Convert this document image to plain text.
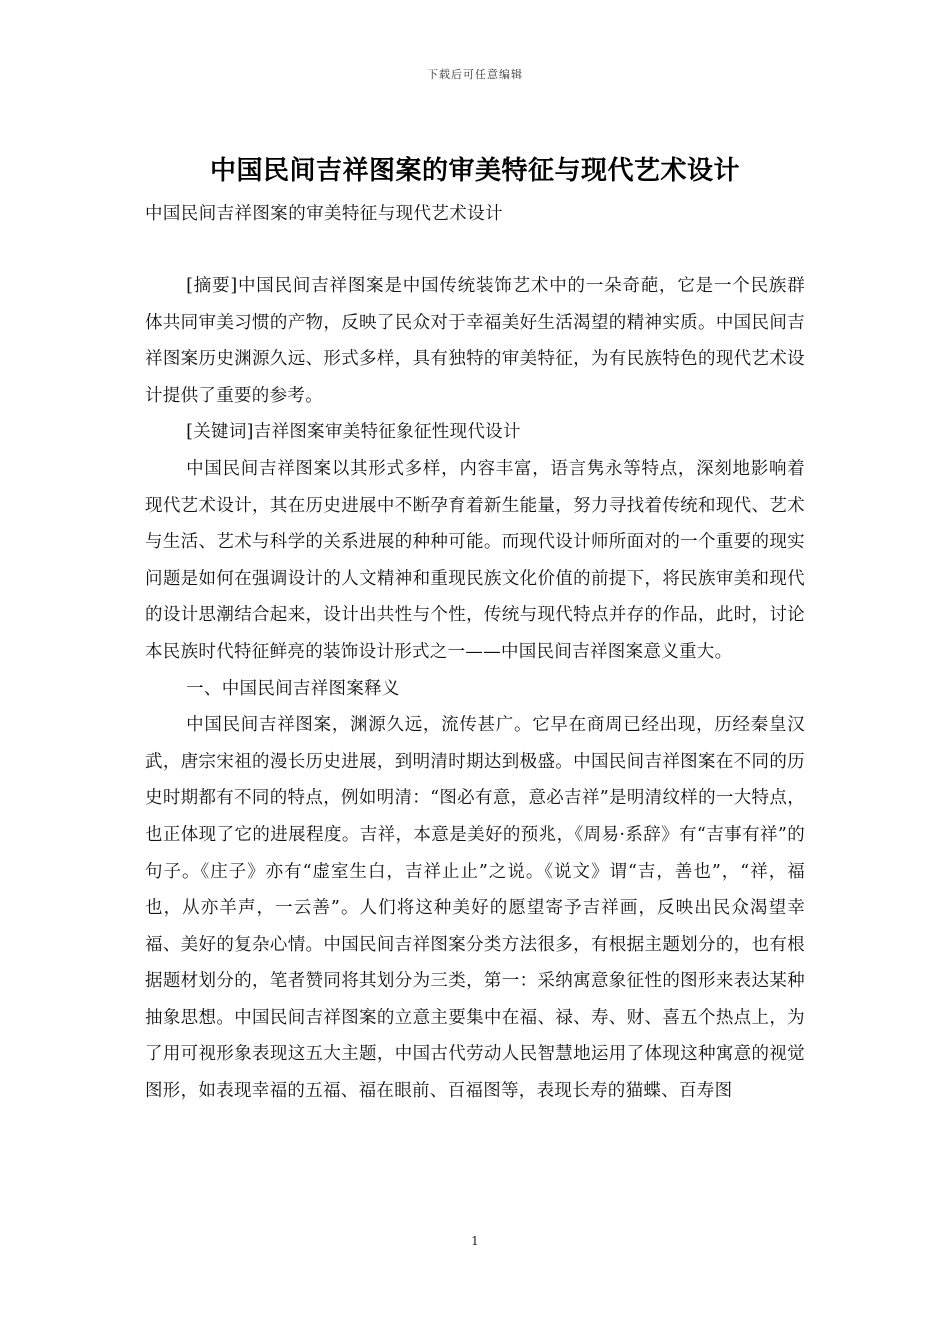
下载后可任意编辑
中国民间吉祥图案的审美特征与现代艺术设计
中国民间吉祥图案的审美特征与现代艺术设计

[摘要]中国民间吉祥图案是中国传统装饰艺术中的一朵奇葩，它是一个民族群体共同审美习惯的产物，反映了民众对于幸福美好生活渴望的精神实质。中国民间吉祥图案历史渊源久远、形式多样，具有独特的审美特征，为有民族特色的现代艺术设计提供了重要的参考。

[关键词]吉祥图案审美特征象征性现代设计

中国民间吉祥图案以其形式多样，内容丰富，语言隽永等特点，深刻地影响着现代艺术设计，其在历史进展中不断孕育着新生能量，努力寻找着传统和现代、艺术与生活、艺术与科学的关系进展的种种可能。而现代设计师所面对的一个重要的现实问题是如何在强调设计的人文精神和重现民族文化价值的前提下，将民族审美和现代的设计思潮结合起来，设计出共性与个性，传统与现代特点并存的作品，此时，讨论本民族时代特征鲜亮的装饰设计形式之一——中国民间吉祥图案意义重大。

一、中国民间吉祥图案释义

中国民间吉祥图案，渊源久远，流传甚广。它早在商周已经出现，历经秦皇汉武，唐宗宋祖的漫长历史进展，到明清时期达到极盛。中国民间吉祥图案在不同的历史时期都有不同的特点，例如明清：“图必有意，意必吉祥”是明清纹样的一大特点，也正体现了它的进展程度。吉祥，本意是美好的预兆，《周易·系辞》有“吉事有祥”的句子。《庄子》亦有“虚室生白，吉祥止止”之说。《说文》谓“吉，善也”，“祥，福也，从亦羊声，一云善”。人们将这种美好的愿望寄予吉祥画，反映出民众渴望幸福、美好的复杂心情。中国民间吉祥图案分类方法很多，有根据主题划分的，也有根据题材划分的，笔者赞同将其划分为三类，第一：采纳寓意象征性的图形来表达某种抽象思想。中国民间吉祥图案的立意主要集中在福、禄、寿、财、喜五个热点上，为了用可视形象表现这五大主题，中国古代劳动人民智慧地运用了体现这种寓意的视觉图形，如表现幸福的五福、福在眼前、百福图等，表现长寿的猫蝶、百寿图

1
